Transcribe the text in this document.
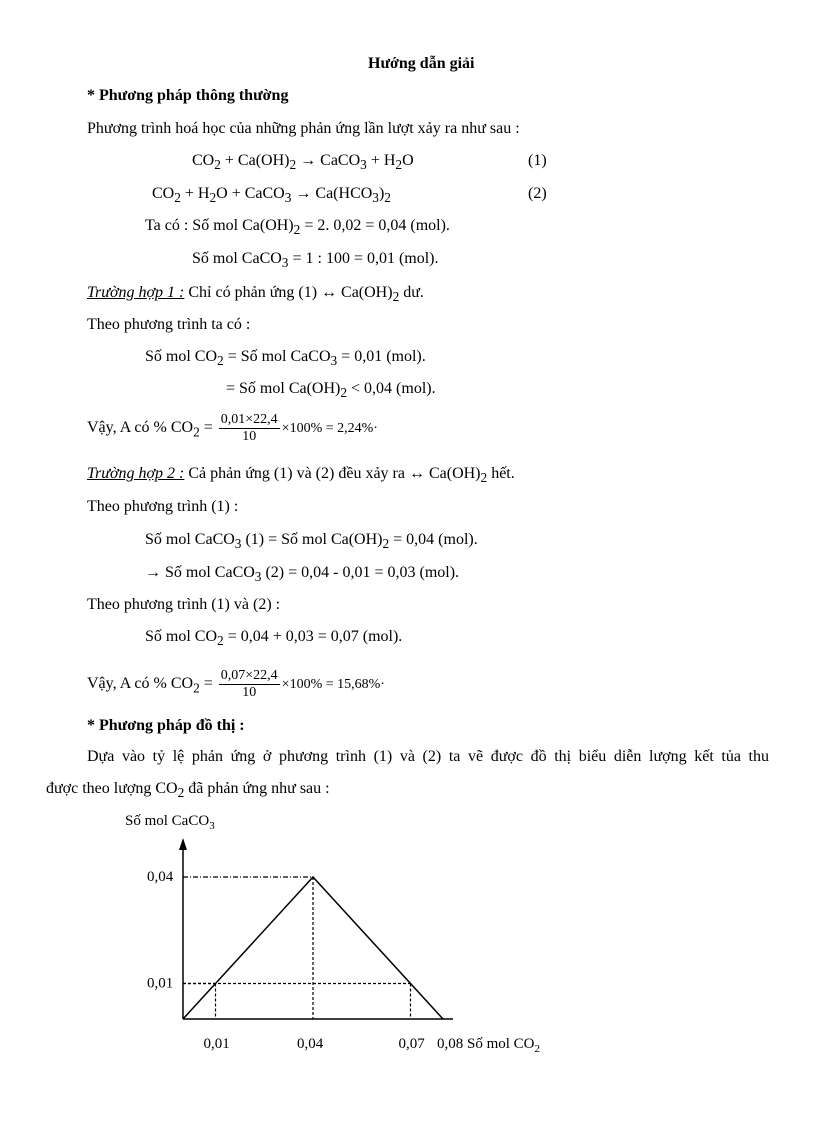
Hướng dẫn giải
* Phương pháp thông thường
Phương trình hoá học của những phản ứng lần lượt xảy ra như sau :
$CO_2 + Ca(OH)_2$ → CaCO$_3$ + $H_2O$	(1)
$CO_2 + H_2O$ + CaCO$_3$ → $Ca(HCO_3)_2$	(2)
Ta có : Số mol $Ca(OH)_2 = 2$. 0,02 = 0,04 (mol).
Số mol CaCO$_3$ = 1 : 100 = 0,01 (mol).
Trường hợp 1 : Chỉ có phản ứng (1) ↔ $Ca(OH)_2$ dư.
Theo phương trình ta có :
Số mol $CO_2$ = Số mol CaCO$_3$ = 0,01 (mol).
= Số mol $Ca(OH)_2 < 0,04$ (mol).
Vậy, A có % $CO_2 = \frac{0,01\times 22,4}{10} \times 100\% = 2,24\%\cdot$
Trường hợp 2 : Cả phản ứng (1) và (2) đều xảy ra ↔ $Ca(OH)_2$ hết.
Theo phương trình (1) :
Số mol CaCO$_3$ (1) = Số mol $Ca(OH)_2 = 0,04$ (mol).
→ Số mol CaCO$_3$ (2) = 0,04 - 0,01 = 0,03 (mol).
Theo phương trình (1) và (2) :
Số mol $CO_2 = 0,04 + 0,03 = 0,07$ (mol).
Vậy, A có % $CO_2 = \frac{0,07\times 22,4}{10} \times 100\% = 15,68\%\cdot$
* Phương pháp đồ thị :
Dựa vào tỷ lệ phản ứng ở phương trình (1) và (2) ta vẽ được đồ thị biểu diễn lượng kết tủa thu
được theo lượng $CO_2$ đã phản ứng như sau :
Số mol CaCO$_3$
0,04
0,01
0,01	0,04	0,07 0,08 Số mol $CO_2$
